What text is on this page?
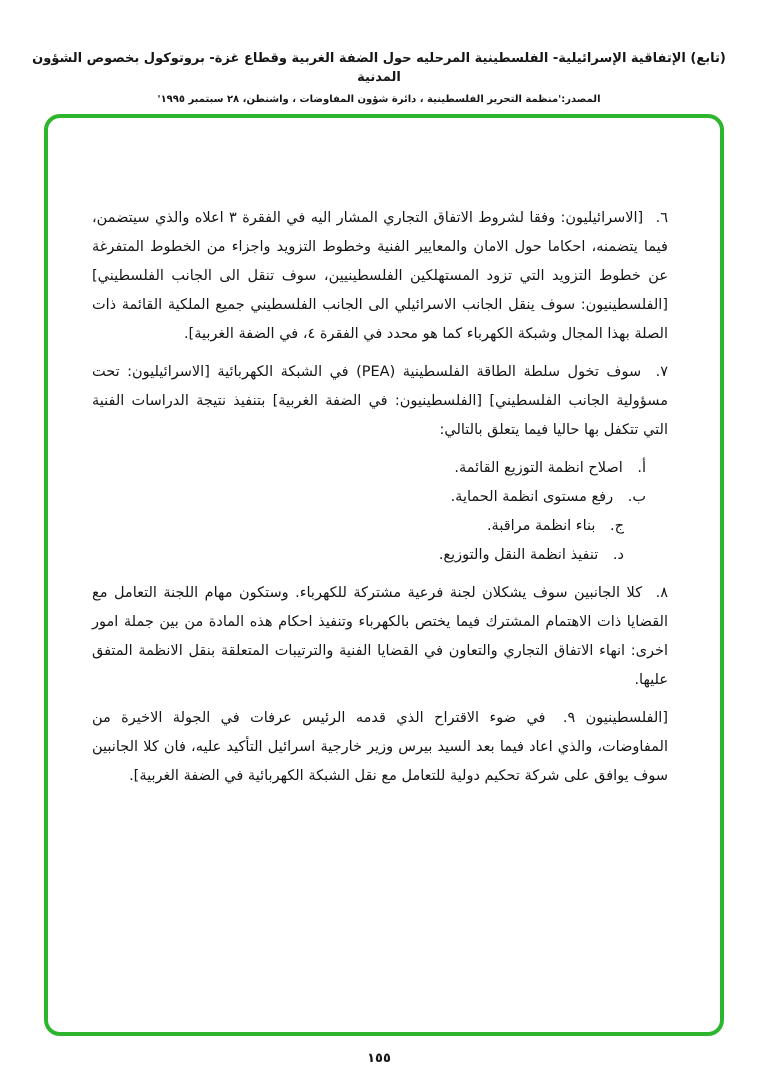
(تابع) الإتفاقية الإسرائيلية- الفلسطينية المرحليه حول الضفة الغربية وقطاع غزة- بروتوكول بخصوص الشؤون المدنية
المصدر:'منظمة التحرير الفلسطينية ، دائرة شؤون المفاوضات ، واشنطن، ٢٨ سبتمبر ١٩٩٥'

٦. [الاسرائيليون: وفقا لشروط الاتفاق التجاري المشار اليه في الفقرة ٣ اعلاه والذي سيتضمن، فيما يتضمنه، احكاما حول الامان والمعايير الفنية وخطوط التزويد واجزاء من الخطوط المتفرغة عن خطوط التزويد التي تزود المستهلكين الفلسطينيين، سوف تنقل الى الجانب الفلسطيني] [الفلسطينيون: سوف ينقل الجانب الاسرائيلي الى الجانب الفلسطيني جميع الملكية القائمة ذات الصلة بهذا المجال وشبكة الكهرباء كما هو محدد في الفقرة ٤، في الضفة الغربية].

٧. سوف تخول سلطة الطاقة الفلسطينية (PEA) في الشبكة الكهربائية [الاسرائيليون: تحت مسؤولية الجانب الفلسطيني] [الفلسطينيون: في الضفة الغربية] بتنفيذ نتيجة الدراسات الفنية التي تتكفل بها حاليا فيما يتعلق بالتالي:

أ. اصلاح انظمة التوزيع القائمة.

ب. رفع مستوى انظمة الحماية.

ج. بناء انظمة مراقبة.

د. تنفيذ انظمة النقل والتوزيع.

٨. كلا الجانبين سوف يشكلان لجنة فرعية مشتركة للكهرباء. وستكون مهام اللجنة التعامل مع القضايا ذات الاهتمام المشترك فيما يختص بالكهرباء وتنفيذ احكام هذه المادة من بين جملة امور اخرى: انهاء الاتفاق التجاري والتعاون في القضايا الفنية والترتيبات المتعلقة بنقل الانظمة المتفق عليها.

[الفلسطينيون ٩. في ضوء الاقتراح الذي قدمه الرئيس عرفات في الجولة الاخيرة من المفاوضات، والذي اعاد فيما بعد السيد بيرس وزير خارجية اسرائيل التأكيد عليه، فان كلا الجانبين سوف يوافق على شركة تحكيم دولية للتعامل مع نقل الشبكة الكهربائية في الضفة الغربية].

١٥٥
